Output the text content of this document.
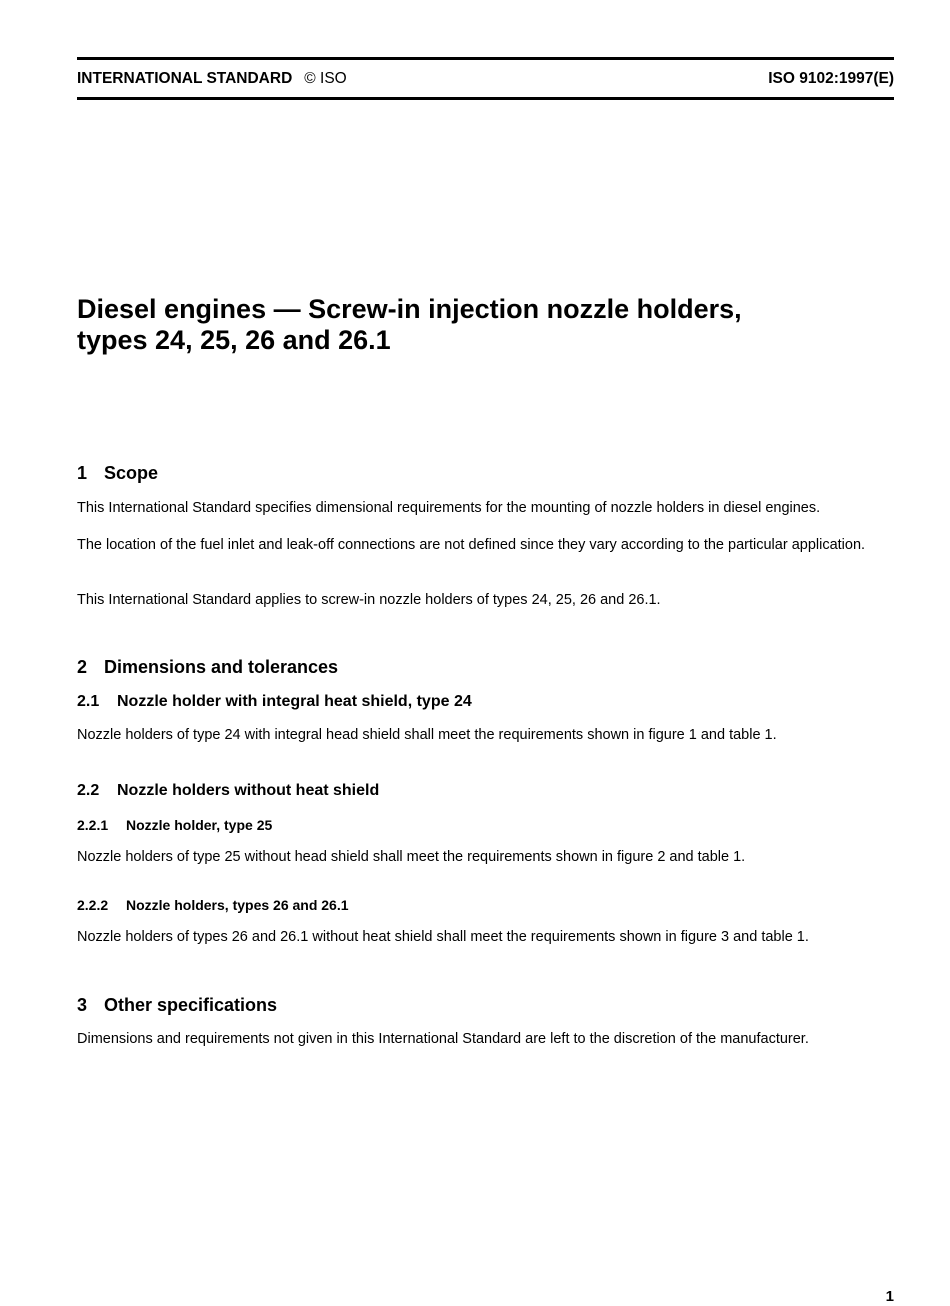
INTERNATIONAL STANDARD © ISO	ISO 9102:1997(E)
Diesel engines — Screw-in injection nozzle holders,
types 24, 25, 26 and 26.1
1 Scope

This International Standard specifies dimensional requirements for the mounting of nozzle holders in diesel engines.

The location of the fuel inlet and leak-off connections are not defined since they vary according to the particular application.

This International Standard applies to screw-in nozzle holders of types 24, 25, 26 and 26.1.

2 Dimensions and tolerances
2.1 Nozzle holder with integral heat shield, type 24

Nozzle holders of type 24 with integral head shield shall meet the requirements shown in figure 1 and table 1.

2.2 Nozzle holders without heat shield
2.2.1 Nozzle holder, type 25

Nozzle holders of type 25 without head shield shall meet the requirements shown in figure 2 and table 1.

2.2.2 Nozzle holders, types 26 and 26.1

Nozzle holders of types 26 and 26.1 without heat shield shall meet the requirements shown in figure 3 and table 1.

3 Other specifications

Dimensions and requirements not given in this International Standard are left to the discretion of the manufacturer.

1
